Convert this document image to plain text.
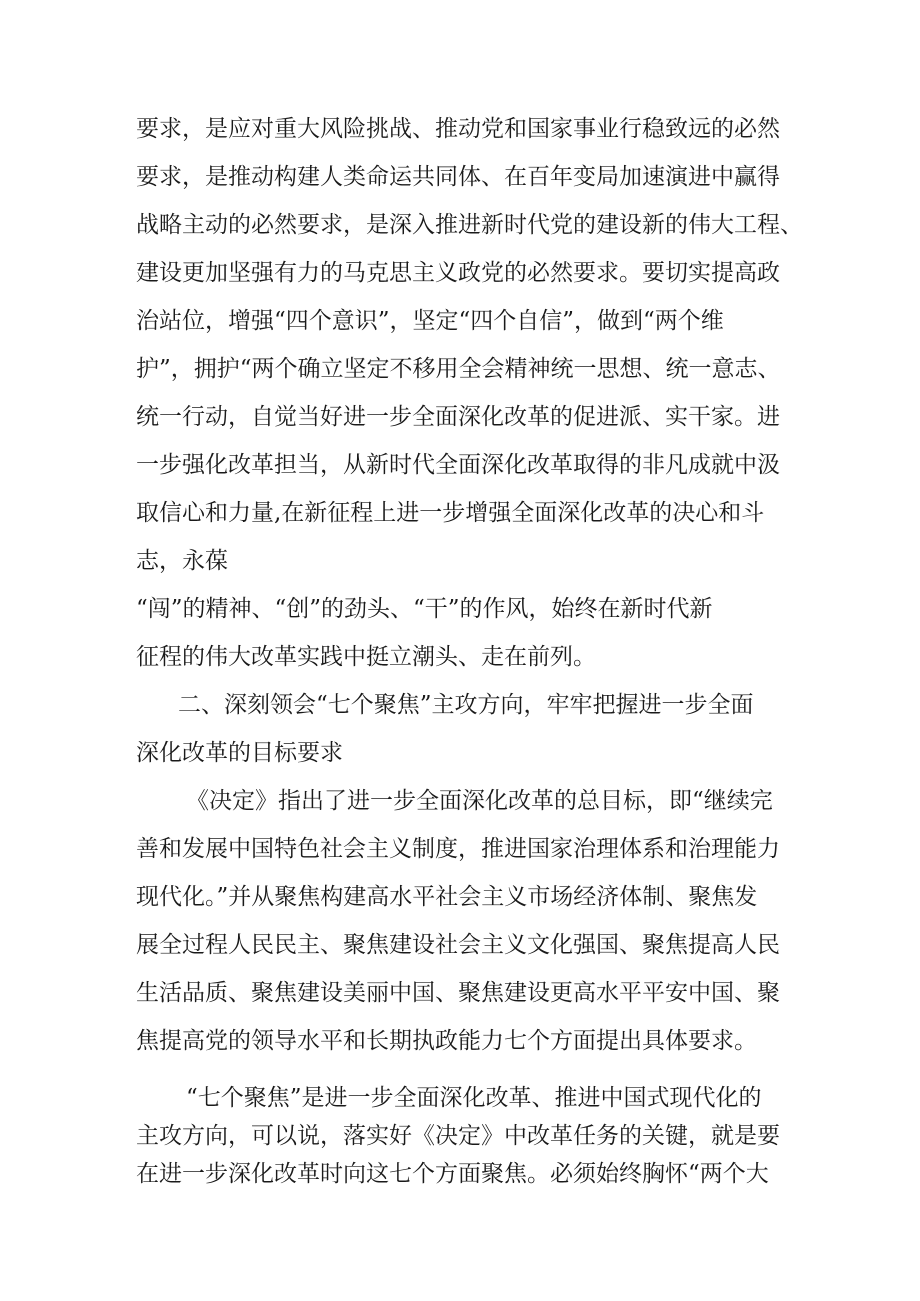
要求，是应对重大风险挑战、推动党和国家事业行稳致远的必然

要求，是推动构建人类命运共同体、在百年变局加速演进中赢得

战略主动的必然要求，是深入推进新时代党的建设新的伟大工程、

建设更加坚强有力的马克思主义政党的必然要求。要切实提高政

治站位，增强“四个意识”，坚定“四个自信”，做到“两个维

护”，拥护“两个确立坚定不移用全会精神统一思想、统一意志、

统一行动，自觉当好进一步全面深化改革的促进派、实干家。进

一步强化改革担当，从新时代全面深化改革取得的非凡成就中汲

取信心和力量,在新征程上进一步增强全面深化改革的决心和斗

志，永葆

“闯”的精神、“创”的劲头、“干”的作风，始终在新时代新

征程的伟大改革实践中挺立潮头、走在前列。

二、深刻领会“七个聚焦”主攻方向，牢牢把握进一步全面

深化改革的目标要求

《决定》指出了进一步全面深化改革的总目标，即“继续完

善和发展中国特色社会主义制度，推进国家治理体系和治理能力

现代化。”并从聚焦构建高水平社会主义市场经济体制、聚焦发

展全过程人民民主、聚焦建设社会主义文化强国、聚焦提高人民

生活品质、聚焦建设美丽中国、聚焦建设更高水平平安中国、聚

焦提高党的领导水平和长期执政能力七个方面提出具体要求。

“七个聚焦”是进一步全面深化改革、推进中国式现代化的

主攻方向，可以说，落实好《决定》中改革任务的关键，就是要

在进一步深化改革时向这七个方面聚焦。必须始终胸怀“两个大
